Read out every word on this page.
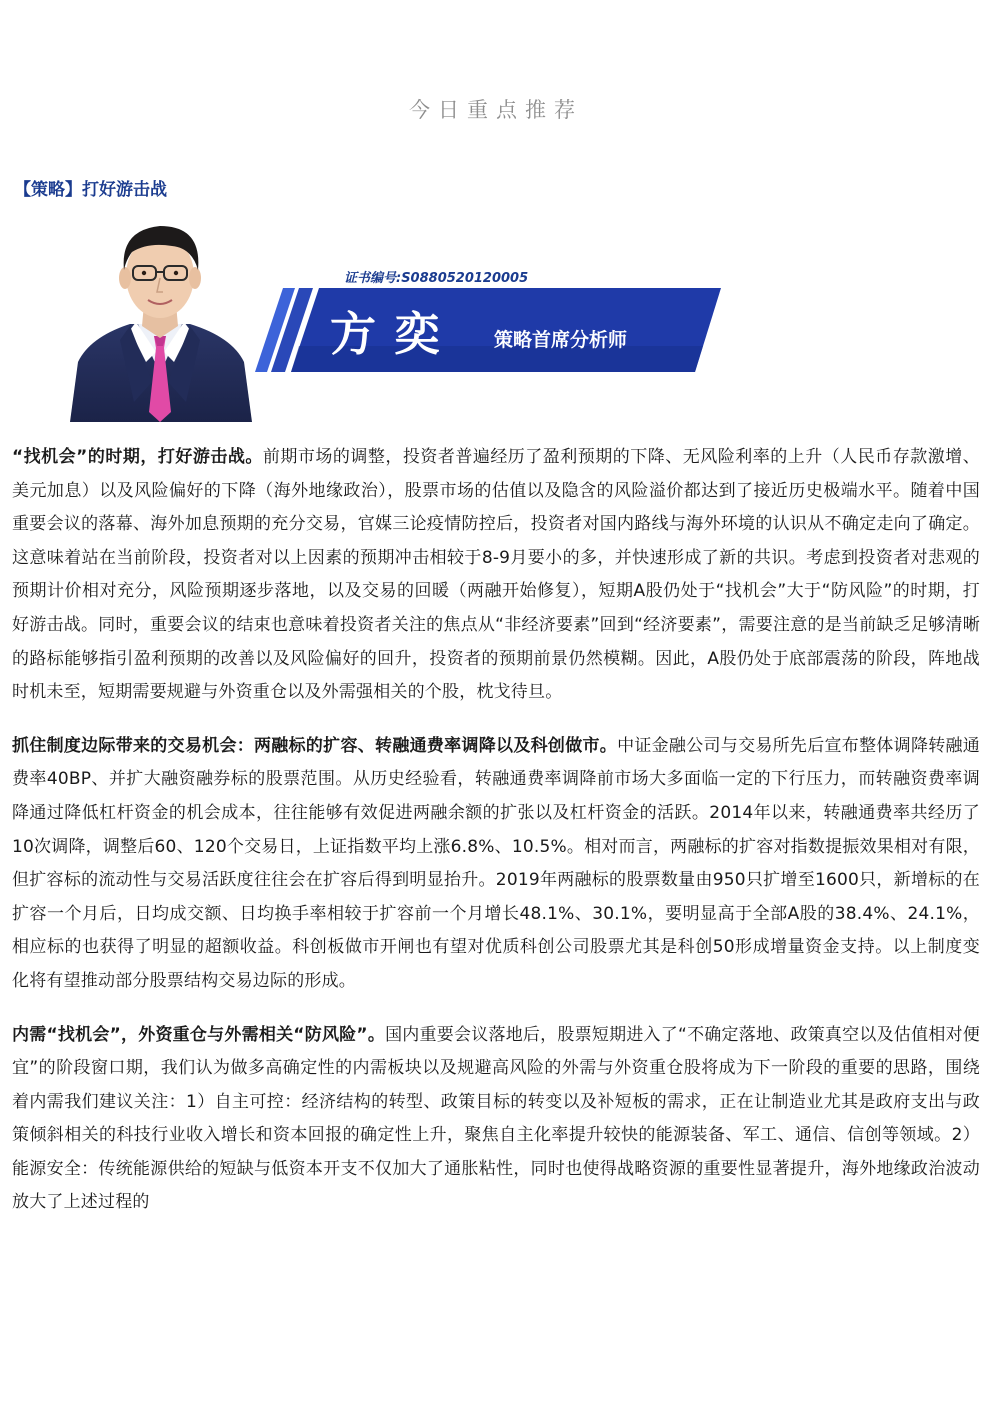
今日重点推荐
【策略】打好游击战
证书编号:S0880520120005
方奕 策略首席分析师

“找机会”的时期，打好游击战。前期市场的调整，投资者普遍经历了盈利预期的下降、无风险利率的上升（人民币存款激增、美元加息）以及风险偏好的下降（海外地缘政治），股票市场的估值以及隐含的风险溢价都达到了接近历史极端水平。随着中国重要会议的落幕、海外加息预期的充分交易，官媒三论疫情防控后，投资者对国内路线与海外环境的认识从不确定走向了确定。这意味着站在当前阶段，投资者对以上因素的预期冲击相较于8-9月要小的多，并快速形成了新的共识。考虑到投资者对悲观的预期计价相对充分，风险预期逐步落地，以及交易的回暖（两融开始修复），短期A股仍处于“找机会”大于“防风险”的时期，打好游击战。同时，重要会议的结束也意味着投资者关注的焦点从“非经济要素”回到“经济要素”，需要注意的是当前缺乏足够清晰的路标能够指引盈利预期的改善以及风险偏好的回升，投资者的预期前景仍然模糊。因此，A股仍处于底部震荡的阶段，阵地战时机未至，短期需要规避与外资重仓以及外需强相关的个股，枕戈待旦。

抓住制度边际带来的交易机会：两融标的扩容、转融通费率调降以及科创做市。中证金融公司与交易所先后宣布整体调降转融通费率40BP、并扩大融资融券标的股票范围。从历史经验看，转融通费率调降前市场大多面临一定的下行压力，而转融资费率调降通过降低杠杆资金的机会成本，往往能够有效促进两融余额的扩张以及杠杆资金的活跃。2014年以来，转融通费率共经历了10次调降，调整后60、120个交易日，上证指数平均上涨6.8%、10.5%。相对而言，两融标的扩容对指数提振效果相对有限，但扩容标的流动性与交易活跃度往往会在扩容后得到明显抬升。2019年两融标的股票数量由950只扩增至1600只，新增标的在扩容一个月后，日均成交额、日均换手率相较于扩容前一个月增长48.1%、30.1%，要明显高于全部A股的38.4%、24.1%，相应标的也获得了明显的超额收益。科创板做市开闸也有望对优质科创公司股票尤其是科创50形成增量资金支持。以上制度变化将有望推动部分股票结构交易边际的形成。

内需“找机会”，外资重仓与外需相关“防风险”。国内重要会议落地后，股票短期进入了“不确定落地、政策真空以及估值相对便宜”的阶段窗口期，我们认为做多高确定性的内需板块以及规避高风险的外需与外资重仓股将成为下一阶段的重要的思路，围绕着内需我们建议关注：1）自主可控：经济结构的转型、政策目标的转变以及补短板的需求，正在让制造业尤其是政府支出与政策倾斜相关的科技行业收入增长和资本回报的确定性上升，聚焦自主化率提升较快的能源装备、军工、通信、信创等领域。2）能源安全：传统能源供给的短缺与低资本开支不仅加大了通胀粘性，同时也使得战略资源的重要性显著提升，海外地缘政治波动放大了上述过程的
